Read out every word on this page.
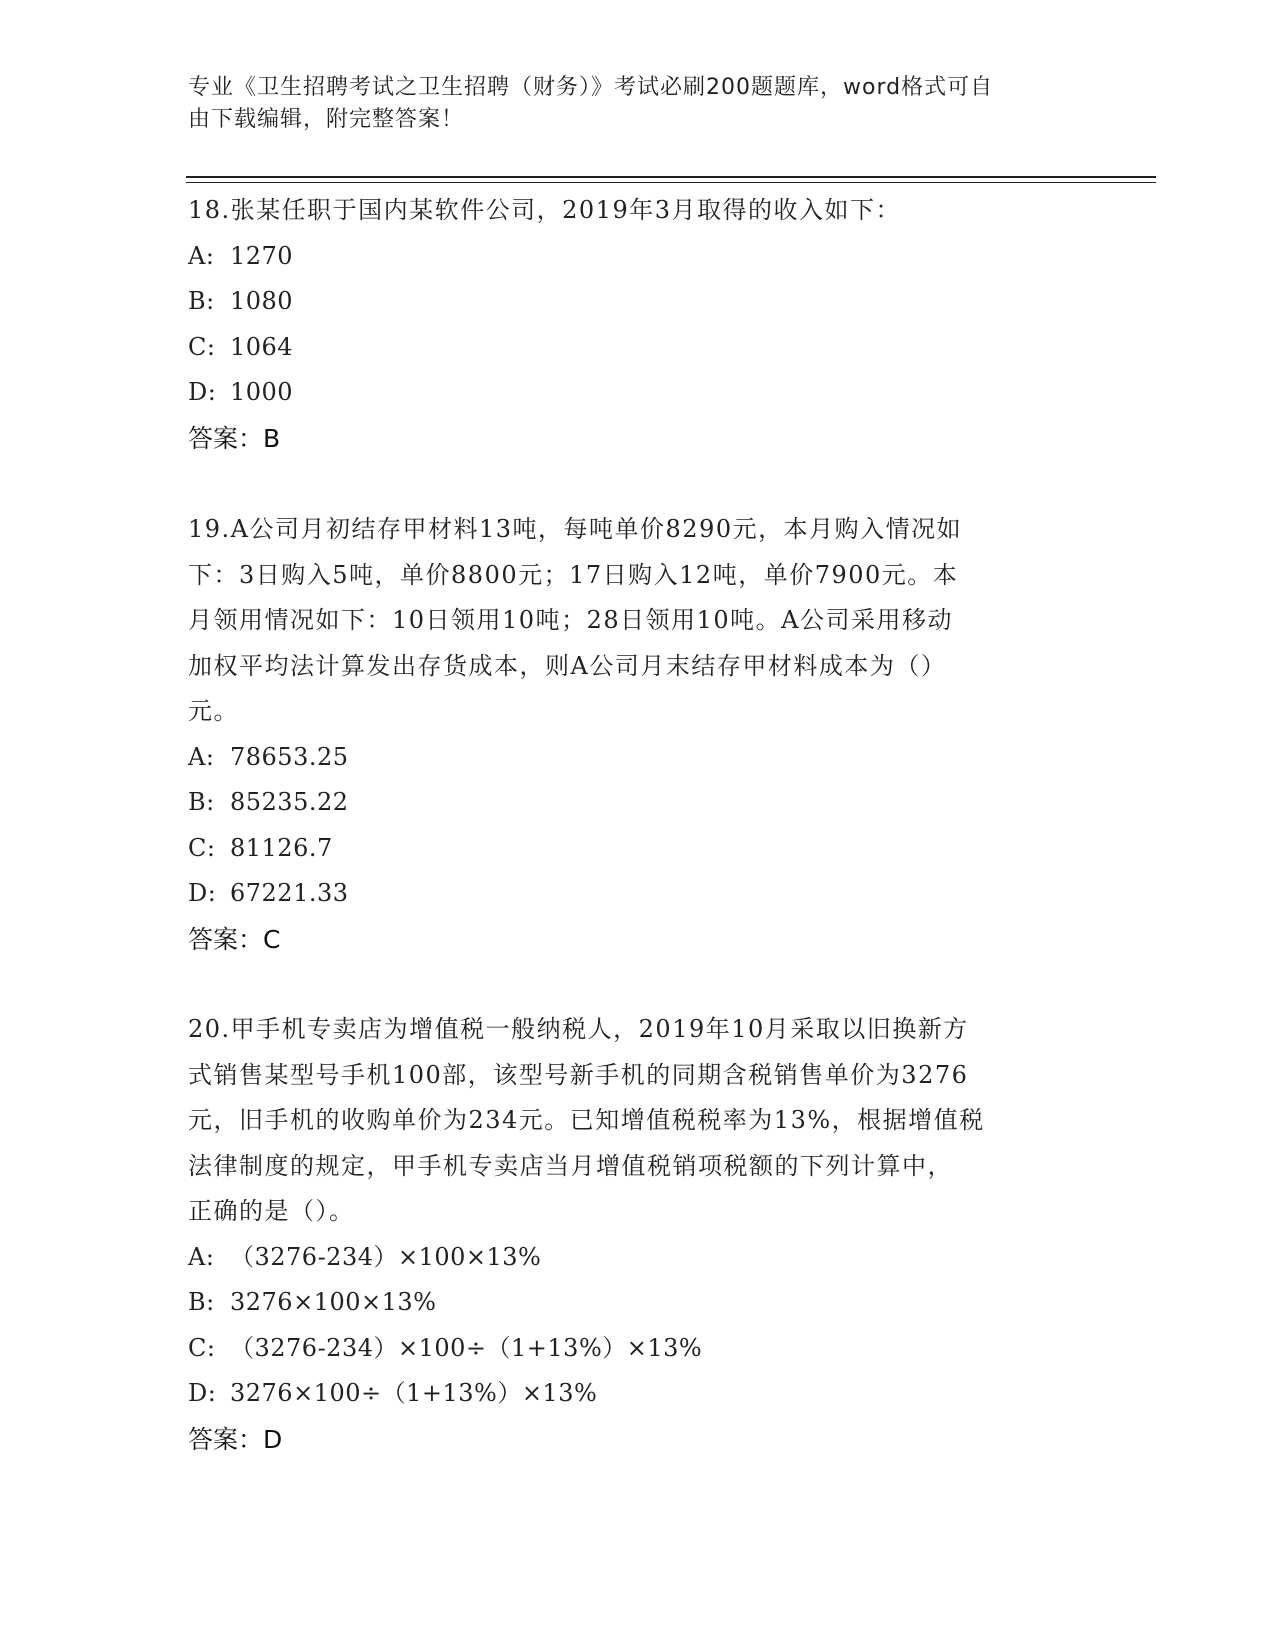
专业《卫生招聘考试之卫生招聘（财务）》考试必刷200题题库，word格式可自
由下载编辑，附完整答案！

18.张某任职于国内某软件公司，2019年3月取得的收入如下：

A: 1270

B: 1080

C: 1064

D: 1000

答案：B

19.A公司月初结存甲材料13吨，每吨单价8290元，本月购入情况如

下：3日购入5吨，单价8800元；17日购入12吨，单价7900元。本

月领用情况如下：10日领用10吨；28日领用10吨。A公司采用移动

加权平均法计算发出存货成本，则A公司月末结存甲材料成本为（）

元。

A: 78653.25

B: 85235.22

C: 81126.7

D: 67221.33

答案：C

20.甲手机专卖店为增值税一般纳税人，2019年10月采取以旧换新方

式销售某型号手机100部，该型号新手机的同期含税销售单价为3276

元，旧手机的收购单价为234元。已知增值税税率为13%，根据增值税

法律制度的规定，甲手机专卖店当月增值税销项税额的下列计算中，

正确的是（）。

A: （3276-234）×100×13%

B: 3276×100×13%

C: （3276-234）×100÷（1+13%）×13%

D: 3276×100÷（1+13%）×13%

答案：D
